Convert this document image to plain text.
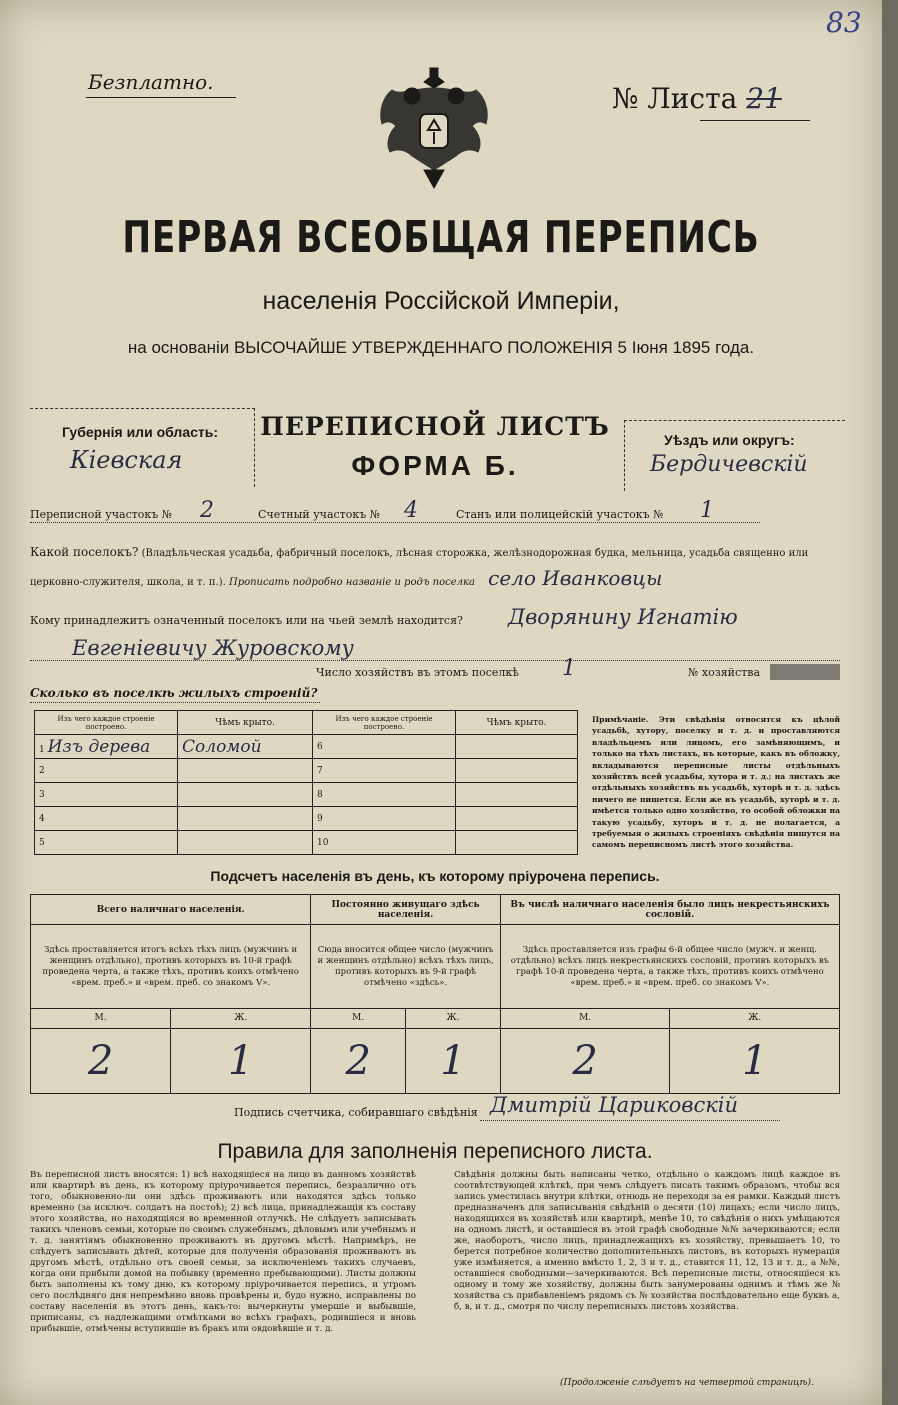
83
Безплатно.	№ Листа 21
ПЕРВАЯ ВСЕОБЩАЯ ПЕРЕПИСЬ
населенія Россійской Имперіи,
на основаніи ВЫСОЧАЙШЕ УТВЕРЖДЕННАГО ПОЛОЖЕНІЯ 5 Іюня 1895 года.
Губернія или область:
Кіевская
ПЕРЕПИСНОЙ ЛИСТЪ
ФОРМА Б.
Уѣздъ или округъ:
Бердичевскій
Переписной участокъ № 2	Счетный участокъ № 4	Станъ или полицейскій участокъ № 1
Какой поселокъ? (Владѣльческая усадьба, фабричный поселокъ, лѣсная сторожка, желѣзнодорожная будка, мельница, усадьба священно или церковно-служителя, школа, и т. п.). Прописать подробно названіе и родъ поселка село Иванковцы
Кому принадлежитъ означенный поселокъ или на чьей землѣ находится? Дворянину Игнатію
Евгеніевичу Журовскому
Число хозяйствъ въ этомъ поселкѣ 1	№ хозяйства
Сколько въ поселкѣ жилыхъ строеній?
Изъ чего каждое строеніе построено.	Чѣмъ крыто.	Изъ чего каждое строеніе построено.	Чѣмъ крыто.
1 Изъ дерева	Соломой	6	
2		7	
3		8	
4		9	
5		10	
Примѣчаніе. Эти свѣдѣнія относятся къ цѣлой усадьбѣ, хутору, поселку и т. д. и проставляются владѣльцемъ или лицомъ, его замѣняющимъ, и только на тѣхъ листахъ, въ которые, какъ въ обложку, вкладываются переписные листы отдѣльныхъ хозяйствъ всей усадьбы, хутора и т. д.; на листахъ же отдѣльныхъ хозяйствъ въ усадьбѣ, хуторѣ и т. д. здѣсь ничего не пишется. Если же въ усадьбѣ, хуторѣ и т. д. имѣется только одно хозяйство, то особой обложки на такую усадьбу, хуторъ и т. д. не полагается, а требуемыя о жилыхъ строеніяхъ свѣдѣнія пишутся на самомъ переписномъ листѣ этого хозяйства.
Подсчетъ населенія въ день, къ которому пріурочена перепись.
Всего наличнаго населенія.		Постоянно живущаго здѣсь населенія.		Въ числѣ наличнаго населенія было лицъ некрестьянскихъ сословій.	
Здѣсь проставляется итогъ всѣхъ тѣхъ лицъ (мужчинъ и женщинъ отдѣльно), противъ которыхъ въ 10-й графѣ проведена черта, а также тѣхъ, противъ коихъ отмѣчено «врем. преб.» и «врем. преб. со знакомъ V».		Сюда вносится общее число (мужчинъ и женщинъ отдѣльно) всѣхъ тѣхъ лицъ, противъ которыхъ въ 9-й графѣ отмѣчено «здѣсь».		Здѣсь проставляется изъ графы 6-й общее число (мужч. и женщ. отдѣльно) всѣхъ лицъ некрестьянскихъ сословій, противъ которыхъ въ графѣ 10-й проведена черта, а также тѣхъ, противъ коихъ отмѣчено «врем. преб.» и «врем. преб. со знакомъ V».	
М.	Ж.	М.	Ж.	М.	Ж.
2	1	2	1	2	1
Подпись счетчика, собиравшаго свѣдѣнія Дмитрій Цариковскій
Правила для заполненія переписного листа.
Въ переписной листъ вносятся: 1) всѣ находящіеся на лицо въ данномъ хозяйствѣ или квартирѣ въ день, къ которому пріурочивается перепись, безразлично отъ того, обыкновенно-ли они здѣсь проживаютъ или находятся здѣсь только временно (за исключ. солдатъ на постоѣ); 2) всѣ лица, принадлежащія къ составу этого хозяйства, но находящіяся во временной отлучкѣ. Не слѣдуетъ записывать такихъ членовъ семьи, которые по своимъ служебнымъ, дѣловымъ или учебнымъ и т. д. занятіямъ обыкновенно проживаютъ въ другомъ мѣстѣ. Напримѣръ, не слѣдуетъ записывать дѣтей, которые для полученія образованія проживаютъ въ другомъ мѣстѣ, отдѣльно отъ своей семьи, за исключеніемъ такихъ случаевъ, когда они прибыли домой на побывку (временно пребывающими). Листы должны быть заполнены къ тому дню, къ которому пріурочивается перепись, и утромъ сего послѣдняго дня непремѣнно вновь провѣрены и, будо нужно, исправлены по составу населенія въ этотъ день, какъ-то: вычеркнуты умершіе и выбывшіе, приписаны, съ надлежащими отмѣтками во всѣхъ графахъ, родившіеся и вновь прибывшіе, отмѣчены вступившіе въ бракъ или овдовѣвшіе и т. д.
Свѣдѣнія должны быть написаны четко, отдѣльно о каждомъ лицѣ каждое въ соотвѣтствующей клѣткѣ, при чемъ слѣдуетъ писать такимъ образомъ, чтобы вся запись уместилась внутри клѣтки, отнюдь не переходя за ея рамки. Каждый листъ предназначенъ для записыванія свѣдѣній о десяти (10) лицахъ; если число лицъ, находящихся въ хозяйствѣ или квартирѣ, менѣе 10, то свѣдѣнія о нихъ умѣщаются на одномъ листѣ, и оставшіеся въ этой графѣ свободные №№ зачеркиваются; если же, наоборотъ, число лицъ, принадлежащихъ къ хозяйству, превышаетъ 10, то берется потребное количество дополнительныхъ листовъ, въ которыхъ нумерація уже измѣняется, а именно вмѣсто 1, 2, 3 и т. д., ставится 11, 12, 13 и т. д., а №№, оставшіеся свободными—зачеркиваются. Всѣ переписные листы, относящіеся къ одному и тому же хозяйству, должны быть занумерованы однимъ и тѣмъ же № хозяйства съ прибавленіемъ рядомъ съ № хозяйства послѣдовательно еще буквъ а, б, в, и т. д., смотря по числу переписныхъ листовъ хозяйства.
(Продолженіе слѣдуетъ на четвертой страницѣ).
